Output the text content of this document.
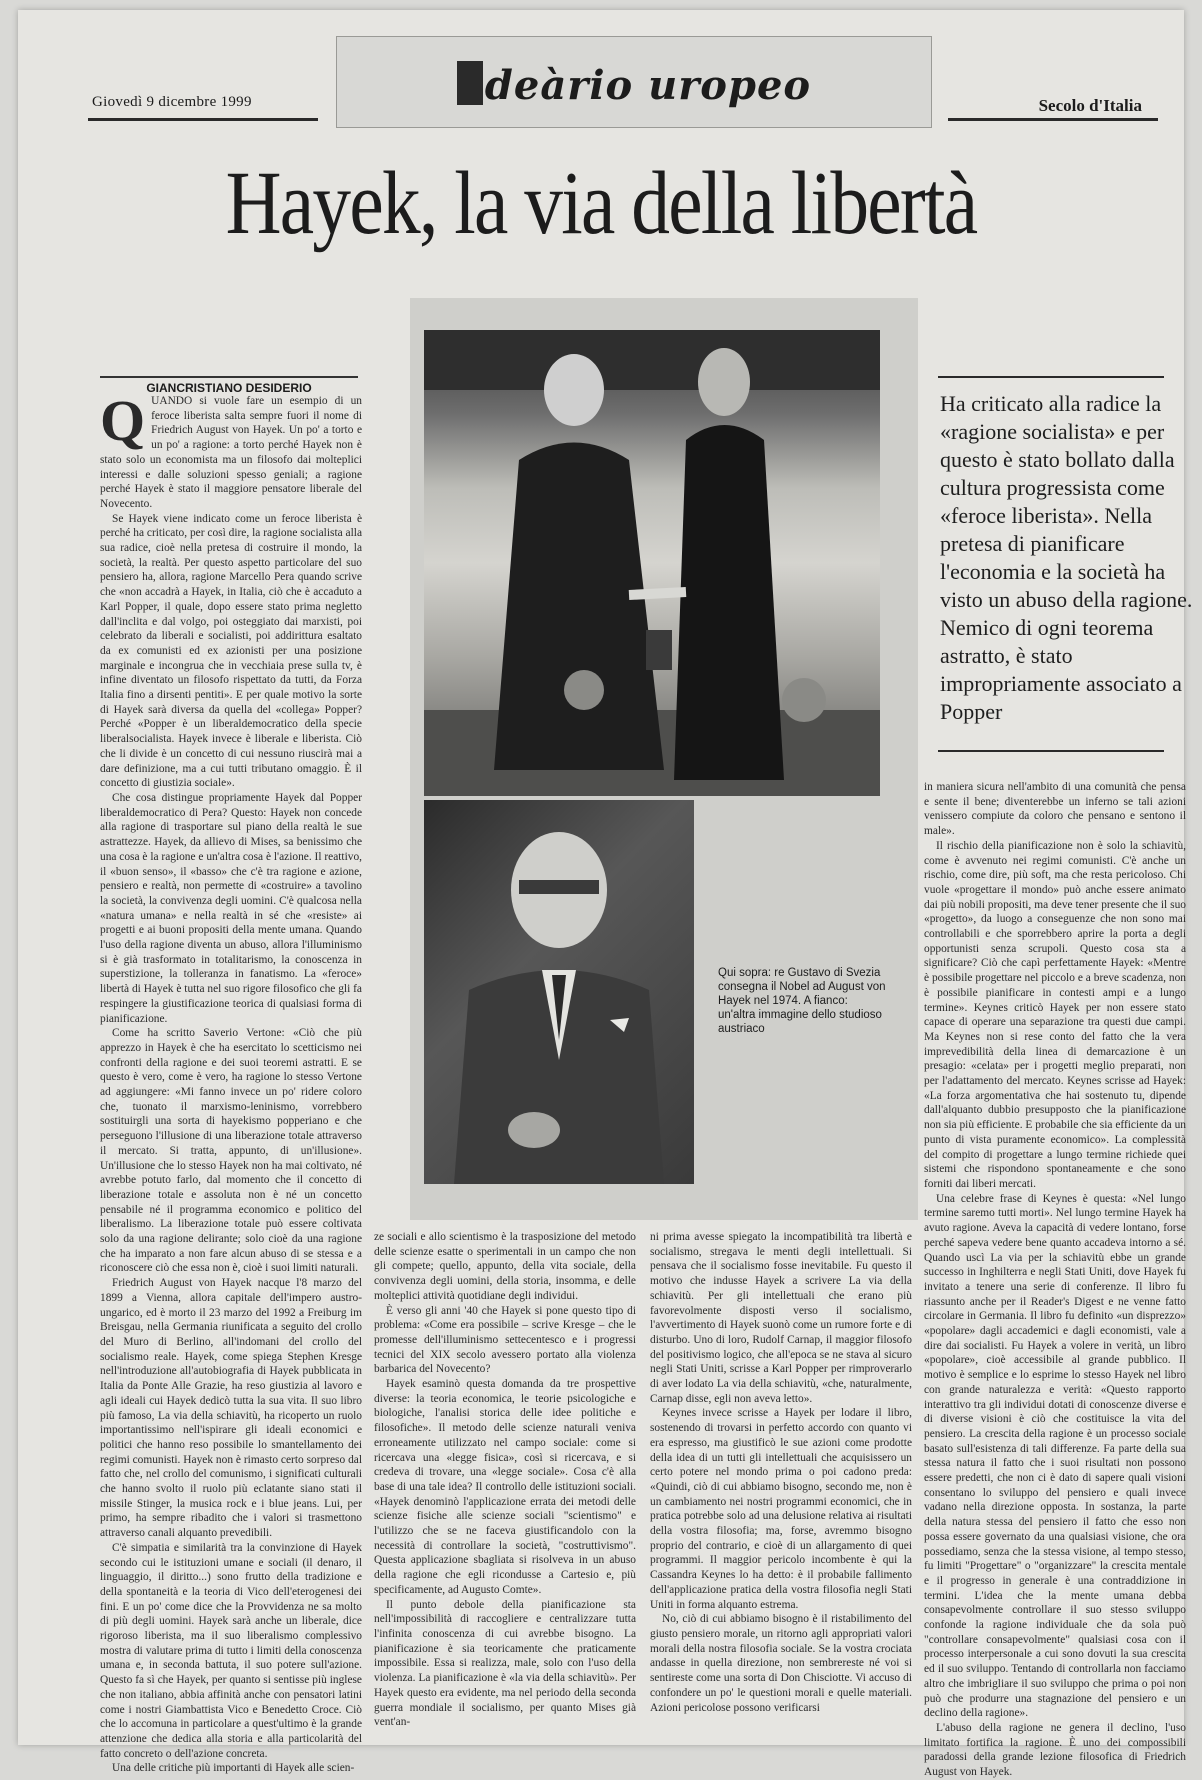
Giovedì 9 dicembre 1999	Secolo d'Italia
deàrio uropeo
Hayek, la via della libertà
GIANCRISTIANO DESIDERIO
Q UANDO si vuole fare un esempio di un feroce liberista salta sempre fuori il nome di Friedrich August von Hayek. Un po' a torto e un po' a ragione: a torto perché Hayek non è stato solo un economista ma un filosofo dai molteplici interessi e dalle soluzioni spesso geniali; a ragione perché Hayek è stato il maggiore pensatore liberale del Novecento.

Se Hayek viene indicato come un feroce liberista è perché ha criticato, per così dire, la ragione socialista alla sua radice, cioè nella pretesa di costruire il mondo, la società, la realtà. Per questo aspetto particolare del suo pensiero ha, allora, ragione Marcello Pera quando scrive che «non accadrà a Hayek, in Italia, ciò che è accaduto a Karl Popper, il quale, dopo essere stato prima negletto dall'inclita e dal volgo, poi osteggiato dai marxisti, poi celebrato da liberali e socialisti, poi addirittura esaltato da ex comunisti ed ex azionisti per una posizione marginale e incongrua che in vecchiaia prese sulla tv, è infine diventato un filosofo rispettato da tutti, da Forza Italia fino a dirsenti pentiti». E per quale motivo la sorte di Hayek sarà diversa da quella del «collega» Popper? Perché «Popper è un liberaldemocratico della specie liberalsocialista. Hayek invece è liberale e liberista. Ciò che li divide è un concetto di cui nessuno riuscirà mai a dare definizione, ma a cui tutti tributano omaggio. È il concetto di giustizia sociale».

Che cosa distingue propriamente Hayek dal Popper liberaldemocratico di Pera? Questo: Hayek non concede alla ragione di trasportare sul piano della realtà le sue astrattezze. Hayek, da allievo di Mises, sa benissimo che una cosa è la ragione e un'altra cosa è l'azione. Il reattivo, il «buon senso», il «basso» che c'è tra ragione e azione, pensiero e realtà, non permette di «costruire» a tavolino la società, la convivenza degli uomini. C'è qualcosa nella «natura umana» e nella realtà in sé che «resiste» ai progetti e ai buoni propositi della mente umana. Quando l'uso della ragione diventa un abuso, allora l'illuminismo si è già trasformato in totalitarismo, la conoscenza in superstizione, la tolleranza in fanatismo. La «feroce» libertà di Hayek è tutta nel suo rigore filosofico che gli fa respingere la giustificazione teorica di qualsiasi forma di pianificazione.

Come ha scritto Saverio Vertone: «Ciò che più apprezzo in Hayek è che ha esercitato lo scetticismo nei confronti della ragione e dei suoi teoremi astratti. E se questo è vero, come è vero, ha ragione lo stesso Vertone ad aggiungere: «Mi fanno invece un po' ridere coloro che, tuonato il marxismo-leninismo, vorrebbero sostituirgli una sorta di hayekismo popperiano e che perseguono l'illusione di una liberazione totale attraverso il mercato. Si tratta, appunto, di un'illusione». Un'illusione che lo stesso Hayek non ha mai coltivato, né avrebbe potuto farlo, dal momento che il concetto di liberazione totale e assoluta non è né un concetto pensabile né il programma economico e politico del liberalismo. La liberazione totale può essere coltivata solo da una ragione delirante; solo cioè da una ragione che ha imparato a non fare alcun abuso di se stessa e a riconoscere ciò che essa non è, cioè i suoi limiti naturali.

Friedrich August von Hayek nacque l'8 marzo del 1899 a Vienna, allora capitale dell'impero austro-ungarico, ed è morto il 23 marzo del 1992 a Freiburg im Breisgau, nella Germania riunificata a seguito del crollo del Muro di Berlino, all'indomani del crollo del socialismo reale. Hayek, come spiega Stephen Kresge nell'introduzione all'autobiografia di Hayek pubblicata in Italia da Ponte Alle Grazie, ha reso giustizia al lavoro e agli ideali cui Hayek dedicò tutta la sua vita. Il suo libro più famoso, La via della schiavitù, ha ricoperto un ruolo importantissimo nell'ispirare gli ideali economici e politici che hanno reso possibile lo smantellamento dei regimi comunisti. Hayek non è rimasto certo sorpreso dal fatto che, nel crollo del comunismo, i significati culturali che hanno svolto il ruolo più eclatante siano stati il missile Stinger, la musica rock e i blue jeans. Lui, per primo, ha sempre ribadito che i valori si trasmettono attraverso canali alquanto prevedibili.

C'è simpatia e similarità tra la convinzione di Hayek secondo cui le istituzioni umane e sociali (il denaro, il linguaggio, il diritto...) sono frutto della tradizione e della spontaneità e la teoria di Vico dell'eterogenesi dei fini. E un po' come dice che la Provvidenza ne sa molto di più degli uomini. Hayek sarà anche un liberale, dice rigoroso liberista, ma il suo liberalismo complessivo mostra di valutare prima di tutto i limiti della conoscenza umana e, in seconda battuta, il suo potere sull'azione. Questo fa sì che Hayek, per quanto si sentisse più inglese che non italiano, abbia affinità anche con pensatori latini come i nostri Giambattista Vico e Benedetto Croce. Ciò che lo accomuna in particolare a quest'ultimo è la grande attenzione che dedica alla storia e alla particolarità del fatto concreto o dell'azione concreta.

Una delle critiche più importanti di Hayek alle scien-

Qui sopra: re Gustavo di Svezia consegna il Nobel ad August von Hayek nel 1974. A fianco: un'altra immagine dello studioso austriaco
Ha criticato alla radice la «ragione socialista» e per questo è stato bollato dalla cultura progressista come «feroce liberista». Nella pretesa di pianificare l'economia e la società ha visto un abuso della ragione. Nemico di ogni teorema astratto, è stato impropriamente associato a Popper

ze sociali e allo scientismo è la trasposizione del metodo delle scienze esatte o sperimentali in un campo che non gli compete; quello, appunto, della vita sociale, della convivenza degli uomini, della storia, insomma, e delle molteplici attività quotidiane degli individui.

È verso gli anni '40 che Hayek si pone questo tipo di problema: «Come era possibile – scrive Kresge – che le promesse dell'illuminismo settecentesco e i progressi tecnici del XIX secolo avessero portato alla violenza barbarica del Novecento?

Hayek esaminò questa domanda da tre prospettive diverse: la teoria economica, le teorie psicologiche e biologiche, l'analisi storica delle idee politiche e filosofiche». Il metodo delle scienze naturali veniva erroneamente utilizzato nel campo sociale: come si ricercava una «legge fisica», così si ricercava, e si credeva di trovare, una «legge sociale». Cosa c'è alla base di una tale idea? Il controllo delle istituzioni sociali. «Hayek denominò l'applicazione errata dei metodi delle scienze fisiche alle scienze sociali "scientismo" e l'utilizzo che se ne faceva giustificandolo con la necessità di controllare la società, "costruttivismo". Questa applicazione sbagliata si risolveva in un abuso della ragione che egli ricondusse a Cartesio e, più specificamente, ad Augusto Comte».

Il punto debole della pianificazione sta nell'impossibilità di raccogliere e centralizzare tutta l'infinita conoscenza di cui avrebbe bisogno. La pianificazione è sia teoricamente che praticamente impossibile. Essa si realizza, male, solo con l'uso della violenza. La pianificazione è «la via della schiavitù». Per Hayek questo era evidente, ma nel periodo della seconda guerra mondiale il socialismo, per quanto Mises già vent'an-

ni prima avesse spiegato la incompatibilità tra libertà e socialismo, stregava le menti degli intellettuali. Si pensava che il socialismo fosse inevitabile. Fu questo il motivo che indusse Hayek a scrivere La via della schiavitù. Per gli intellettuali che erano più favorevolmente disposti verso il socialismo, l'avvertimento di Hayek suonò come un rumore forte e di disturbo. Uno di loro, Rudolf Carnap, il maggior filosofo del positivismo logico, che all'epoca se ne stava al sicuro negli Stati Uniti, scrisse a Karl Popper per rimproverarlo di aver lodato La via della schiavitù, «che, naturalmente, Carnap disse, egli non aveva letto».

Keynes invece scrisse a Hayek per lodare il libro, sostenendo di trovarsi in perfetto accordo con quanto vi era espresso, ma giustificò le sue azioni come prodotte della idea di un tutti gli intellettuali che acquisissero un certo potere nel mondo prima o poi cadono preda: «Quindi, ciò di cui abbiamo bisogno, secondo me, non è un cambiamento nei nostri programmi economici, che in pratica potrebbe solo ad una delusione relativa ai risultati della vostra filosofia; ma, forse, avremmo bisogno proprio del contrario, e cioè di un allargamento di quei programmi. Il maggior pericolo incombente è qui la Cassandra Keynes lo ha detto: è il probabile fallimento dell'applicazione pratica della vostra filosofia negli Stati Uniti in forma alquanto estrema.

No, ciò di cui abbiamo bisogno è il ristabilimento del giusto pensiero morale, un ritorno agli appropriati valori morali della nostra filosofia sociale. Se la vostra crociata andasse in quella direzione, non sembrereste né voi si sentireste come una sorta di Don Chisciotte. Vi accuso di confondere un po' le questioni morali e quelle materiali. Azioni pericolose possono verificarsi

in maniera sicura nell'ambito di una comunità che pensa e sente il bene; diventerebbe un inferno se tali azioni venissero compiute da coloro che pensano e sentono il male».

Il rischio della pianificazione non è solo la schiavitù, come è avvenuto nei regimi comunisti. C'è anche un rischio, come dire, più soft, ma che resta pericoloso. Chi vuole «progettare il mondo» può anche essere animato dai più nobili propositi, ma deve tener presente che il suo «progetto», da luogo a conseguenze che non sono mai controllabili e che sporrebbero aprire la porta a degli opportunisti senza scrupoli. Questo cosa sta a significare? Ciò che capì perfettamente Hayek: «Mentre è possibile progettare nel piccolo e a breve scadenza, non è possibile pianificare in contesti ampi e a lungo termine». Keynes criticò Hayek per non essere stato capace di operare una separazione tra questi due campi. Ma Keynes non si rese conto del fatto che la vera imprevedibilità della linea di demarcazione è un presagio: «celata» per i progetti meglio preparati, non per l'adattamento del mercato. Keynes scrisse ad Hayek: «La forza argomentativa che hai sostenuto tu, dipende dall'alquanto dubbio presupposto che la pianificazione non sia più efficiente. E probabile che sia efficiente da un punto di vista puramente economico». La complessità del compito di progettare a lungo termine richiede quei sistemi che rispondono spontaneamente e che sono forniti dai liberi mercati.

Una celebre frase di Keynes è questa: «Nel lungo termine saremo tutti morti». Nel lungo termine Hayek ha avuto ragione. Aveva la capacità di vedere lontano, forse perché sapeva vedere bene quanto accadeva intorno a sé. Quando uscì La via per la schiavitù ebbe un grande successo in Inghilterra e negli Stati Uniti, dove Hayek fu invitato a tenere una serie di conferenze. Il libro fu riassunto anche per il Reader's Digest e ne venne fatto circolare in Germania. Il libro fu definito «un disprezzo» «popolare» dagli accademici e dagli economisti, vale a dire dai socialisti. Fu Hayek a volere in verità, un libro «popolare», cioè accessibile al grande pubblico. Il motivo è semplice e lo esprime lo stesso Hayek nel libro con grande naturalezza e verità: «Questo rapporto interattivo tra gli individui dotati di conoscenze diverse e di diverse visioni è ciò che costituisce la vita del pensiero. La crescita della ragione è un processo sociale basato sull'esistenza di tali differenze. Fa parte della sua stessa natura il fatto che i suoi risultati non possono essere predetti, che non ci è dato di sapere quali visioni consentano lo sviluppo del pensiero e quali invece vadano nella direzione opposta. In sostanza, la parte della natura stessa del pensiero il fatto che esso non possa essere governato da una qualsiasi visione, che ora possediamo, senza che la stessa visione, al tempo stesso, fu limiti "Progettare" o "organizzare" la crescita mentale e il progresso in generale è una contraddizione in termini. L'idea che la mente umana debba consapevolmente controllare il suo stesso sviluppo confonde la ragione individuale che da sola può "controllare consapevolmente" qualsiasi cosa con il processo interpersonale a cui sono dovuti la sua crescita ed il suo sviluppo. Tentando di controllarla non facciamo altro che imbrigliare il suo sviluppo che prima o poi non può che produrre una stagnazione del pensiero e un declino della ragione».

L'abuso della ragione ne genera il declino, l'uso limitato fortifica la ragione. È uno dei compossibili paradossi della grande lezione filosofica di Friedrich August von Hayek.
